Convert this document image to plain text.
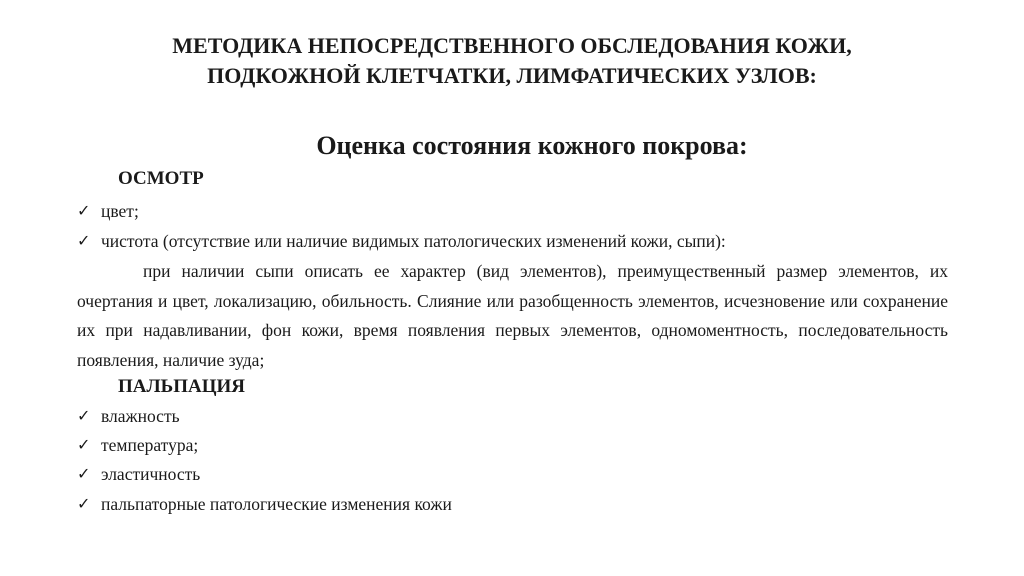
МЕТОДИКА НЕПОСРЕДСТВЕННОГО ОБСЛЕДОВАНИЯ КОЖИ,
ПОДКОЖНОЙ КЛЕТЧАТКИ, ЛИМФАТИЧЕСКИХ УЗЛОВ:
Оценка состояния кожного покрова:
ОСМОТР
✓ цвет;
✓ чистота (отсутствие или наличие видимых патологических изменений кожи, сыпи):
при наличии сыпи описать ее характер (вид элементов), преимущественный размер элементов, их очертания и цвет, локализацию, обильность. Слияние или разобщенность элементов, исчезновение или сохранение их при надавливании, фон кожи, время появления первых элементов, одномоментность, последовательность появления, наличие зуда;
ПАЛЬПАЦИЯ
✓ влажность
✓ температура;
✓ эластичность
✓ пальпаторные патологические изменения кожи
